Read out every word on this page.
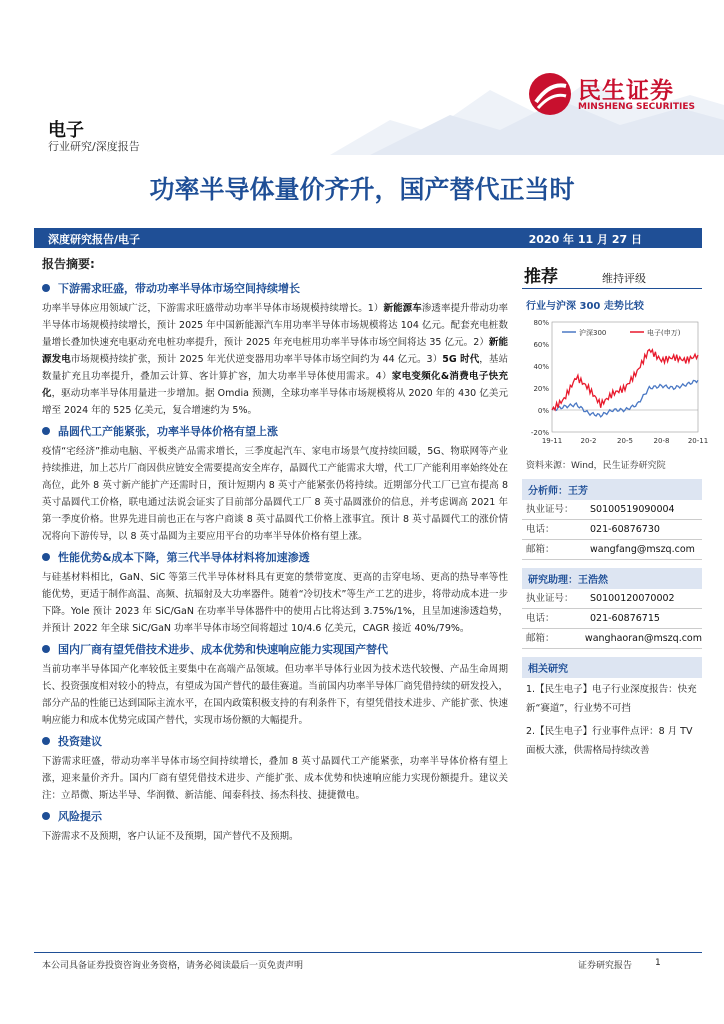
民生证券
MINSHENG SECURITIES
电子
行业研究/深度报告
功率半导体量价齐升，国产替代正当时
深度研究报告/电子	2020 年 11 月 27 日
报告摘要:
下游需求旺盛，带动功率半导体市场空间持续增长
功率半导体应用领域广泛，下游需求旺盛带动功率半导体市场规模持续增长。1）新能源车渗透率提升带动功率半导体市场规模持续增长，预计 2025 年中国新能源汽车用功率半导体市场规模将达 104 亿元。配套充电桩数量增长叠加快速充电驱动充电桩功率提升，预计 2025 年充电桩用功率半导体市场空间将达 35 亿元。2）新能源发电市场规模持续扩张，预计 2025 年光伏逆变器用功率半导体市场空间约为 44 亿元。3）5G 时代，基站数量扩充且功率提升，叠加云计算、客计算扩容，加大功率半导体使用需求。4）家电变频化&消费电子快充化，驱动功率半导体用量进一步增加。据 Omdia 预测，全球功率半导体市场规模将从 2020 年的 430 亿美元增至 2024 年的 525 亿美元，复合增速约为 5%。
晶圆代工产能紧张，功率半导体价格有望上涨
疫情“宅经济”推动电脑、平板类产品需求增长，三季度起汽车、家电市场景气度持续回暖，5G、物联网等产业持续推进，加上芯片厂商因供应链安全需要提高安全库存，晶圆代工产能需求大增，代工厂产能利用率始终处在高位，此外 8 英寸新产能扩产还需时日，预计短期内 8 英寸产能紧张仍将持续。近期部分代工厂已宣布提高 8 英寸晶圆代工价格，联电通过法说会证实了目前部分晶圆代工厂 8 英寸晶圆涨价的信息，并考虑调高 2021 年第一季度价格。世界先进目前也正在与客户商谈 8 英寸晶圆代工价格上涨事宜。预计 8 英寸晶圆代工的涨价情况将向下游传导，以 8 英寸晶圆为主要应用平台的功率半导体价格有望上涨。
性能优势&成本下降，第三代半导体材料将加速渗透
与硅基材料相比，GaN、SiC 等第三代半导体材料具有更宽的禁带宽度、更高的击穿电场、更高的热导率等性能优势，更适于制作高温、高频、抗辐射及大功率器件。随着“冷切技术”等生产工艺的进步，将带动成本进一步下降。Yole 预计 2023 年 SiC/GaN 在功率半导体器件中的使用占比将达到 3.75%/1%，且呈加速渗透趋势，并预计 2022 年全球 SiC/GaN 功率半导体市场空间将超过 10/4.6 亿美元，CAGR 接近 40%/79%。
国内厂商有望凭借技术进步、成本优势和快速响应能力实现国产替代
当前功率半导体国产化率较低主要集中在高端产品领域。但功率半导体行业因为技术迭代较慢、产品生命周期长、投资强度相对较小的特点，有望成为国产替代的最佳赛道。当前国内功率半导体厂商凭借持续的研发投入，部分产品的性能已达到国际主流水平，在国内政策积极支持的有利条件下，有望凭借技术进步、产能扩张、快速响应能力和成本优势完成国产替代，实现市场份额的大幅提升。
投资建议
下游需求旺盛，带动功率半导体市场空间持续增长，叠加 8 英寸晶圆代工产能紧张，功率半导体价格有望上涨，迎来量价齐升。国内厂商有望凭借技术进步、产能扩张、成本优势和快速响应能力实现份额提升。建议关注：立昂微、斯达半导、华润微、新洁能、闻泰科技、扬杰科技、捷捷微电。
风险提示
下游需求不及预期，客户认证不及预期，国产替代不及预期。
推荐	维持评级
行业与沪深 300 走势比较
80%
60%
40%
20%
0%
-20%
19-11	20-2	20-5	20-8	20-11
沪深300	电子(申万)
资料来源：Wind，民生证券研究院
分析师：王芳
执业证号：	S0100519090004
电话：	021-60876730
邮箱：	wangfang@mszq.com
研究助理：王浩然
执业证号：	S0100120070002
电话：	021-60876715
邮箱：	wanghaoran@mszq.com
相关研究
1.【民生电子】电子行业深度报告：快充新“赛道”，行业势不可挡
2.【民生电子】行业事件点评：8 月 TV 面板大涨，供需格局持续改善
本公司具备证券投资咨询业务资格，请务必阅读最后一页免责声明	证券研究报告	1
